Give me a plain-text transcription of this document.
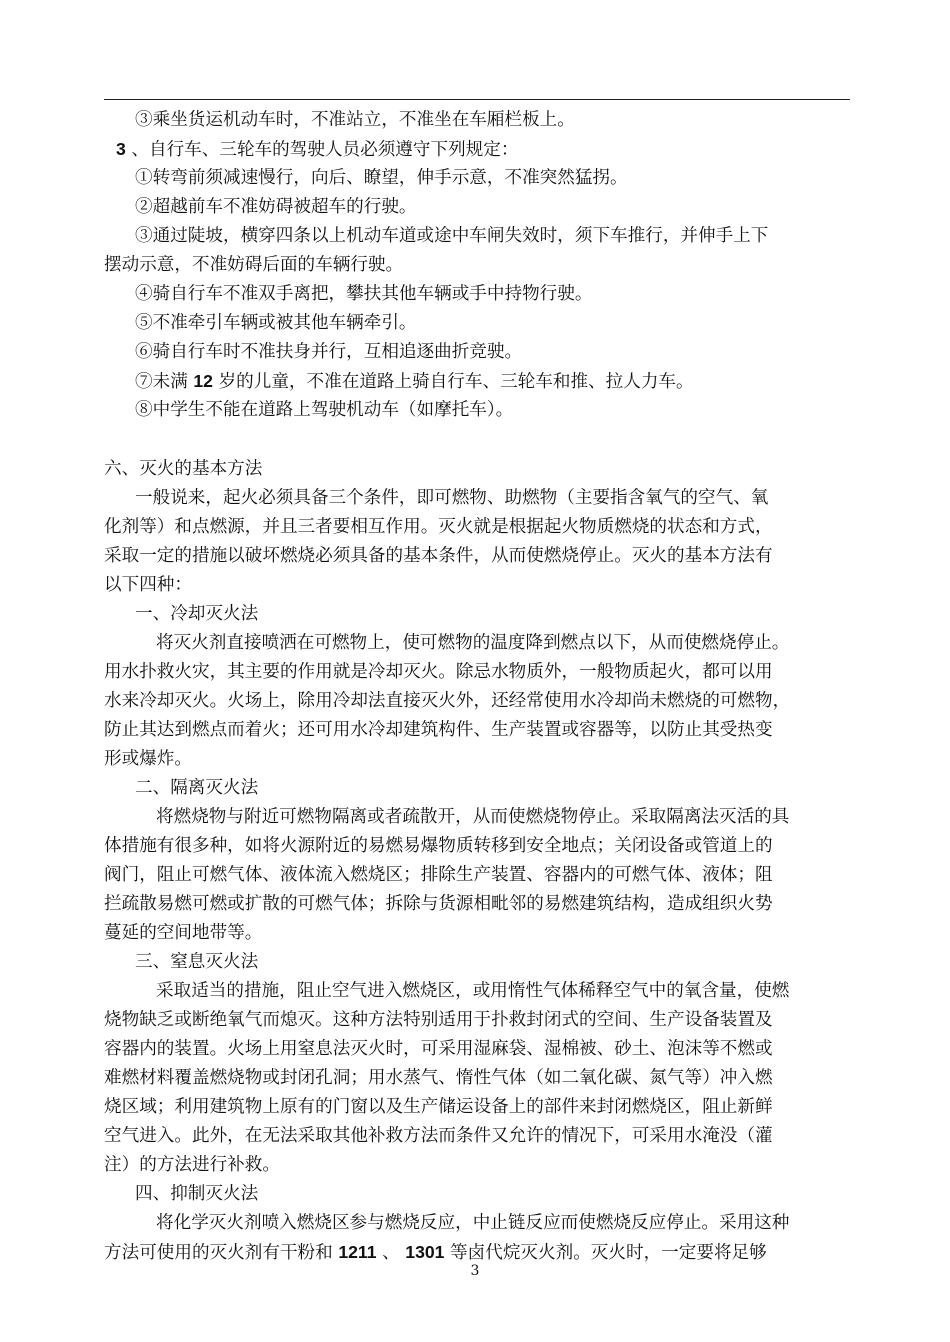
③乘坐货运机动车时，不准站立，不准坐在车厢栏板上。
3 、自行车、三轮车的驾驶人员必须遵守下列规定：
①转弯前须减速慢行，向后、瞭望，伸手示意，不准突然猛拐。
②超越前车不准妨碍被超车的行驶。
③通过陡坡，横穿四条以上机动车道或途中车闸失效时，须下车推行，并伸手上下
摆动示意，不准妨碍后面的车辆行驶。
④骑自行车不准双手离把，攀扶其他车辆或手中持物行驶。
⑤不准牵引车辆或被其他车辆牵引。
⑥骑自行车时不准扶身并行，互相追逐曲折竞驶。
⑦未满 12 岁的儿童，不准在道路上骑自行车、三轮车和推、拉人力车。
⑧中学生不能在道路上驾驶机动车（如摩托车）。
六、灭火的基本方法
一般说来，起火必须具备三个条件，即可燃物、助燃物（主要指含氧气的空气、氧
化剂等）和点燃源，并且三者要相互作用。灭火就是根据起火物质燃烧的状态和方式，
采取一定的措施以破坏燃烧必须具备的基本条件，从而使燃烧停止。灭火的基本方法有
以下四种：
一、冷却灭火法
将灭火剂直接喷洒在可燃物上，使可燃物的温度降到燃点以下，从而使燃烧停止。
用水扑救火灾，其主要的作用就是冷却灭火。除忌水物质外，一般物质起火，都可以用
水来冷却灭火。火场上，除用冷却法直接灭火外，还经常使用水冷却尚未燃烧的可燃物，
防止其达到燃点而着火；还可用水冷却建筑构件、生产装置或容器等，以防止其受热变
形或爆炸。
二、隔离灭火法
将燃烧物与附近可燃物隔离或者疏散开，从而使燃烧物停止。采取隔离法灭活的具
体措施有很多种，如将火源附近的易燃易爆物质转移到安全地点；关闭设备或管道上的
阀门，阻止可燃气体、液体流入燃烧区；排除生产装置、容器内的可燃气体、液体；阻
拦疏散易燃可燃或扩散的可燃气体；拆除与货源相毗邻的易燃建筑结构，造成组织火势
蔓延的空间地带等。
三、窒息灭火法
采取适当的措施，阻止空气进入燃烧区，或用惰性气体稀释空气中的氧含量，使燃
烧物缺乏或断绝氧气而熄灭。这种方法特别适用于扑救封闭式的空间、生产设备装置及
容器内的装置。火场上用窒息法灭火时，可采用湿麻袋、湿棉被、砂土、泡沫等不燃或
难燃材料覆盖燃烧物或封闭孔洞；用水蒸气、惰性气体（如二氧化碳、氮气等）冲入燃
烧区域；利用建筑物上原有的门窗以及生产储运设备上的部件来封闭燃烧区，阻止新鲜
空气进入。此外，在无法采取其他补救方法而条件又允许的情况下，可采用水淹没（灌
注）的方法进行补救。
四、抑制灭火法
将化学灭火剂喷入燃烧区参与燃烧反应，中止链反应而使燃烧反应停止。采用这种
方法可使用的灭火剂有干粉和 1211 、 1301 等卤代烷灭火剂。灭火时，一定要将足够
3
